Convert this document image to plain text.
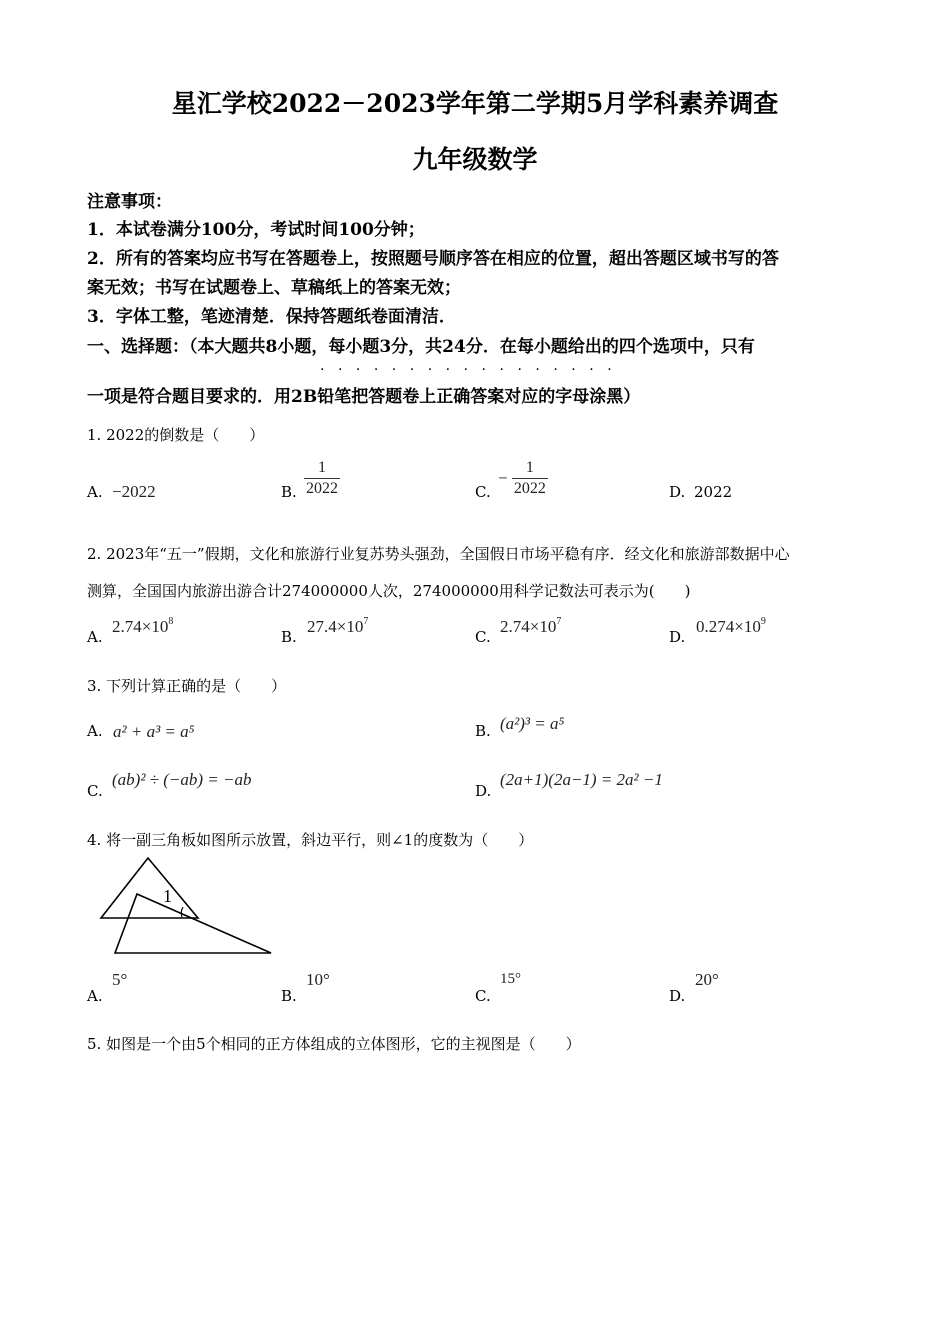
星汇学校2022－2023学年第二学期5月学科素养调查
九年级数学
注意事项：
1．本试卷满分100分，考试时间100分钟；
2．所有的答案均应书写在答题卷上，按照题号顺序答在相应的位置，超出答题区域书写的答
案无效；书写在试题卷上、草稿纸上的答案无效；
3．字体工整，笔迹清楚．保持答题纸卷面清洁．
一、选择题：（本大题共8小题，每小题3分，共24分．在每小题给出的四个选项中，只有
·················
一项是符合题目要求的．用2B铅笔把答题卷上正确答案对应的字母涂黑）
1. 2022的倒数是（　　）
A. −2022	B. $\frac{1}{2022}$	C.
− $\frac{1}{2022}$	D. 2022
2. 2023年“五一”假期，文化和旅游行业复苏势头强劲，全国假日市场平稳有序．经文化和旅游部数据中心
测算，全国国内旅游出游合计274000000人次，274000000用科学记数法可表示为(　　)
A.
$2.74\times 10^8$
B.
$27.4\times 10^7$
C.
$2.74\times 10^7$
D.
$0.274\times 10^9$
3. 下列计算正确的是（　　）
A. a² + a³ = a⁵	B. (a²)³ = a⁵
C.
(ab)² ÷ (−ab) = −ab
D.
(2a+1)(2a−1) = 2a² −1
4. 将一副三角板如图所示放置，斜边平行，则∠1的度数为（　　）
1
A.
5°
B.
10°
C.
15°
D.
20°
5. 如图是一个由5个相同的正方体组成的立体图形，它的主视图是（　　）
